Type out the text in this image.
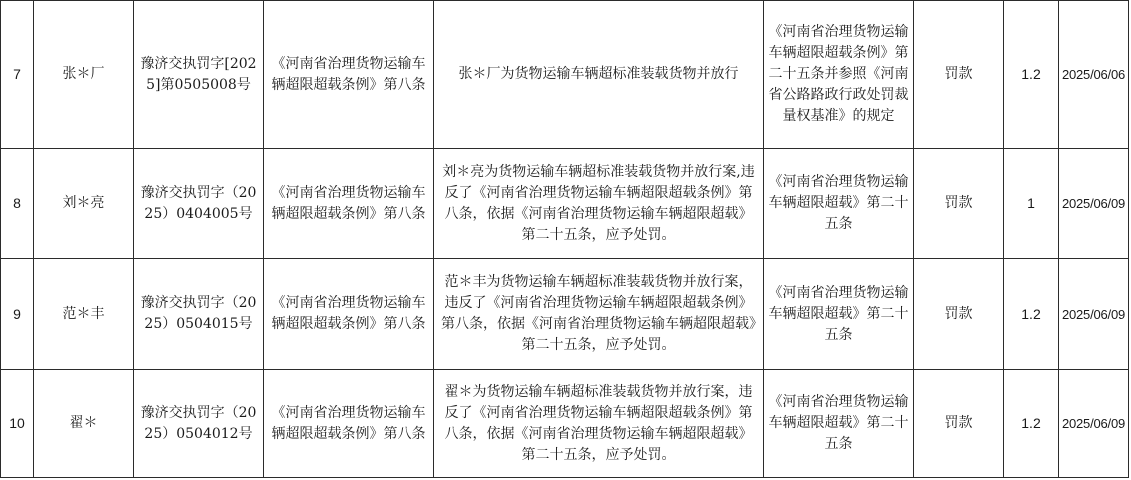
7	张＊厂	豫济交执罚字[2025]第0505008号	《河南省治理货物运输车辆超限超载条例》第八条	张＊厂为货物运输车辆超标准装载货物并放行	《河南省治理货物运输车辆超限超载条例》第二十五条并参照《河南省公路路政行政处罚裁量权基准》的规定	罚款	1.2	2025/06/06
8	刘＊亮	豫济交执罚字（2025）0404005号	《河南省治理货物运输车辆超限超载条例》第八条	刘＊亮为货物运输车辆超标准装载货物并放行案,违反了《河南省治理货物运输车辆超限超载条例》第八条，依据《河南省治理货物运输车辆超限超载》第二十五条，应予处罚。	《河南省治理货物运输车辆超限超载》第二十五条	罚款	1	2025/06/09
9	范＊丰	豫济交执罚字（2025）0504015号	《河南省治理货物运输车辆超限超载条例》第八条	范＊丰为货物运输车辆超标准装载货物并放行案，违反了《河南省治理货物运输车辆超限超载条例》第八条，依据《河南省治理货物运输车辆超限超载》第二十五条，应予处罚。	《河南省治理货物运输车辆超限超载》第二十五条	罚款	1.2	2025/06/09
10	翟＊	豫济交执罚字（2025）0504012号	《河南省治理货物运输车辆超限超载条例》第八条	翟＊为货物运输车辆超标准装载货物并放行案，违反了《河南省治理货物运输车辆超限超载条例》第八条，依据《河南省治理货物运输车辆超限超载》第二十五条，应予处罚。	《河南省治理货物运输车辆超限超载》第二十五条	罚款	1.2	2025/06/09
